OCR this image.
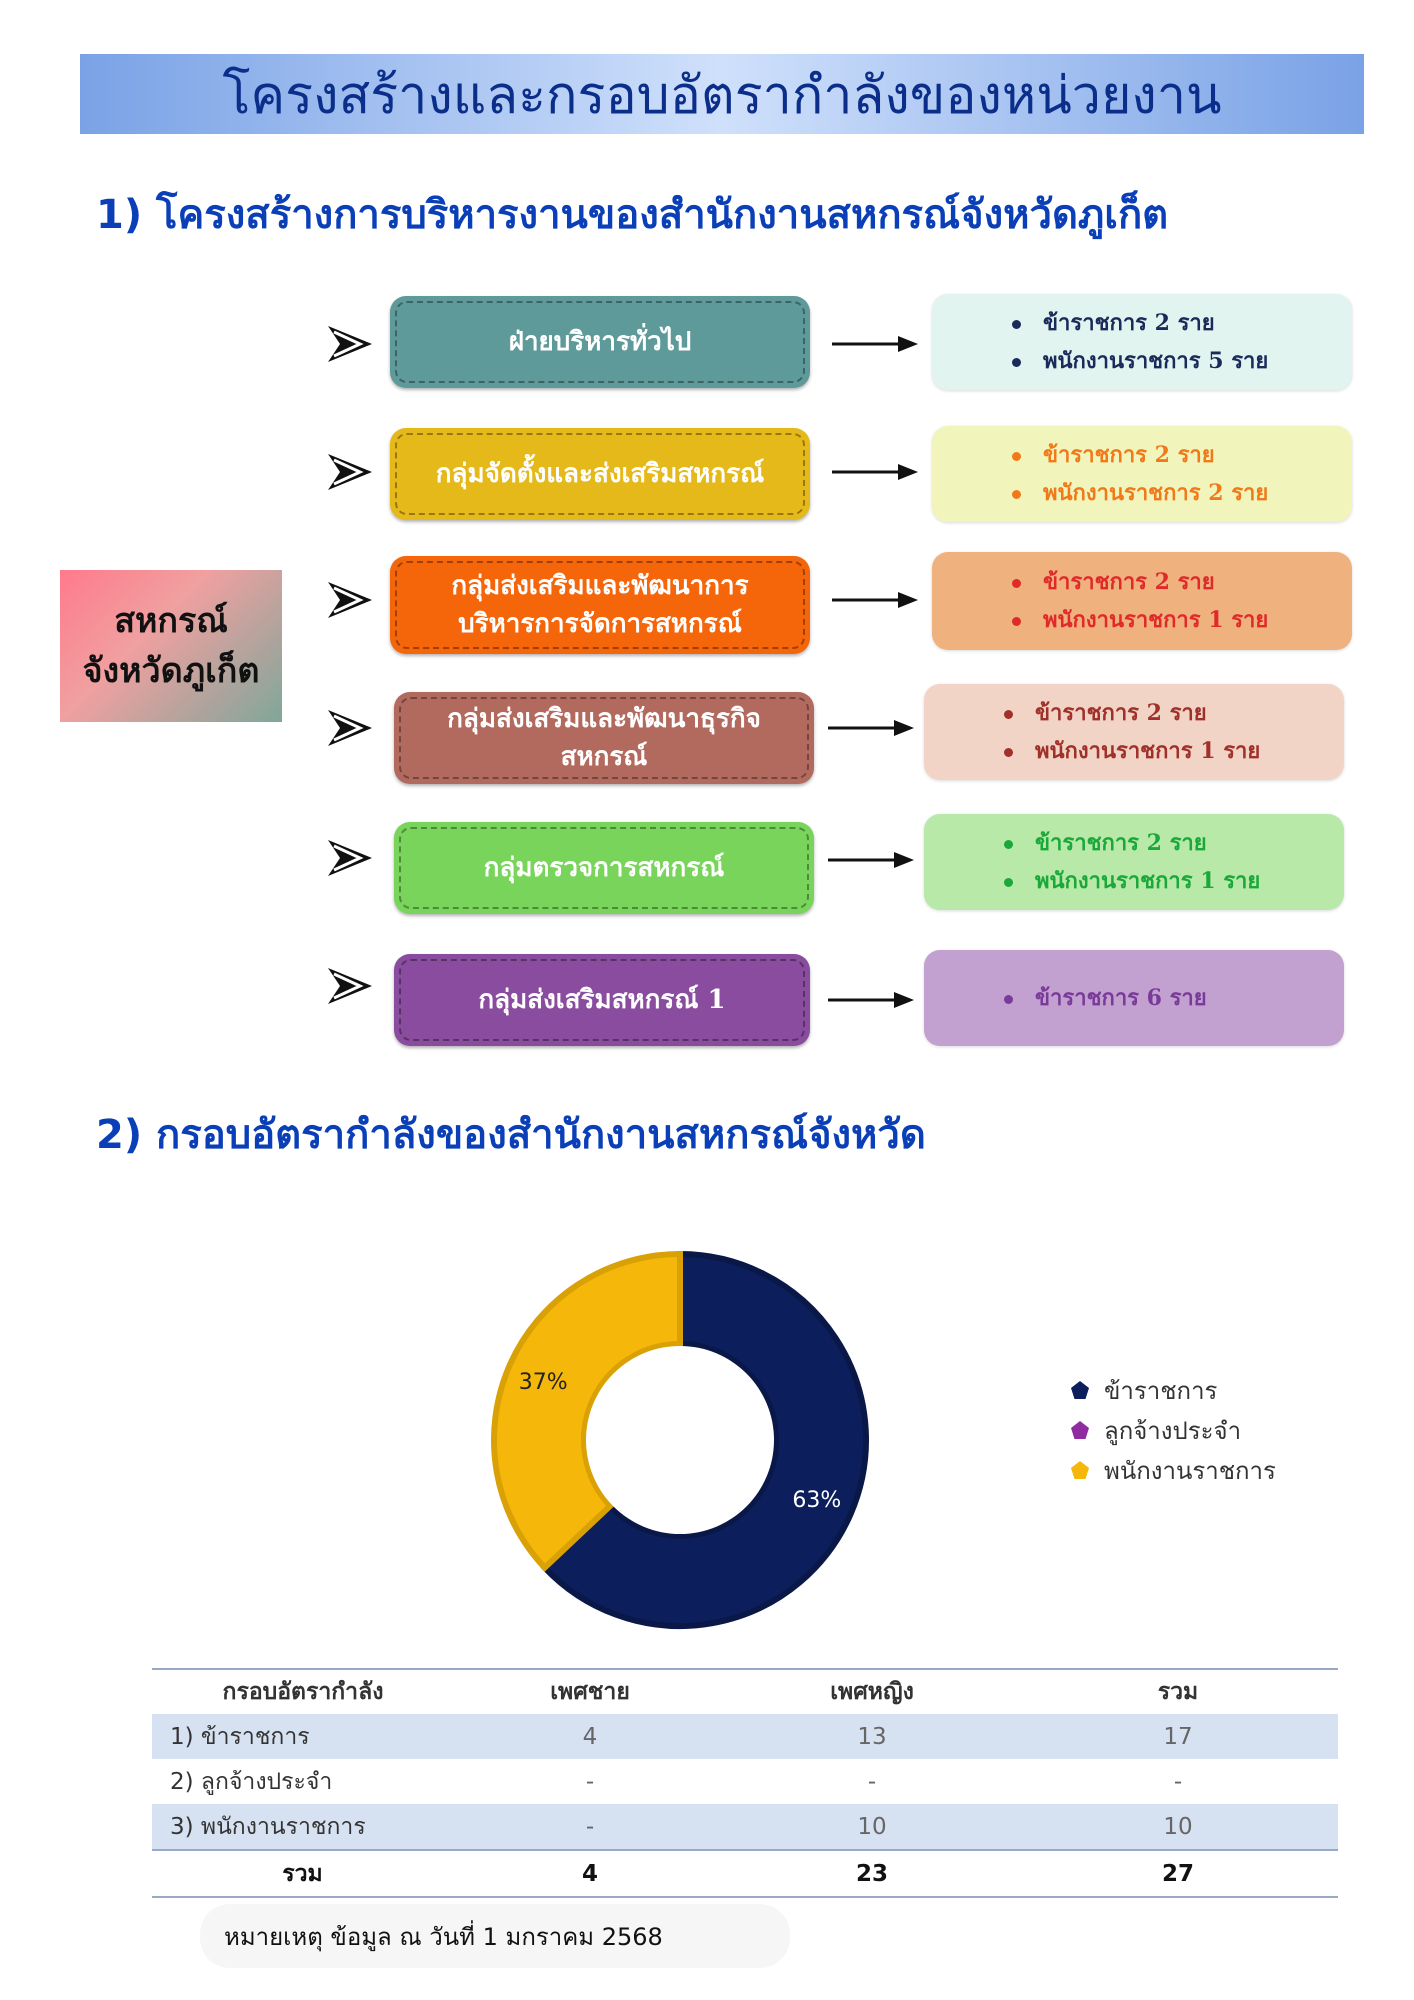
โครงสร้างและกรอบอัตรากำลังของหน่วยงาน
1) โครงสร้างการบริหารงานของสำนักงานสหกรณ์จังหวัดภูเก็ต
สหกรณ์
จังหวัดภูเก็ต
ฝ่ายบริหารทั่วไป
ข้าราชการ 2 ราย
พนักงานราชการ 5 ราย
กลุ่มจัดตั้งและส่งเสริมสหกรณ์
ข้าราชการ 2 ราย
พนักงานราชการ 2 ราย
กลุ่มส่งเสริมและพัฒนาการ
บริหารการจัดการสหกรณ์
ข้าราชการ 2 ราย
พนักงานราชการ 1 ราย
กลุ่มส่งเสริมและพัฒนาธุรกิจสหกรณ์
ข้าราชการ 2 ราย
พนักงานราชการ 1 ราย
กลุ่มตรวจการสหกรณ์
ข้าราชการ 2 ราย
พนักงานราชการ 1 ราย
กลุ่มส่งเสริมสหกรณ์ 1	ข้าราชการ 6 ราย
2) กรอบอัตรากำลังของสำนักงานสหกรณ์จังหวัด
63%
37%	ข้าราชการ
ลูกจ้างประจำ
พนักงานราชการ
กรอบอัตรากำลัง	เพศชาย	เพศหญิง	รวม
1) ข้าราชการ	4	13	17
2) ลูกจ้างประจำ	-	-	-
3) พนักงานราชการ	-	10	10
รวม	4	23	27
หมายเหตุ ข้อมูล ณ วันที่ 1 มกราคม 2568
